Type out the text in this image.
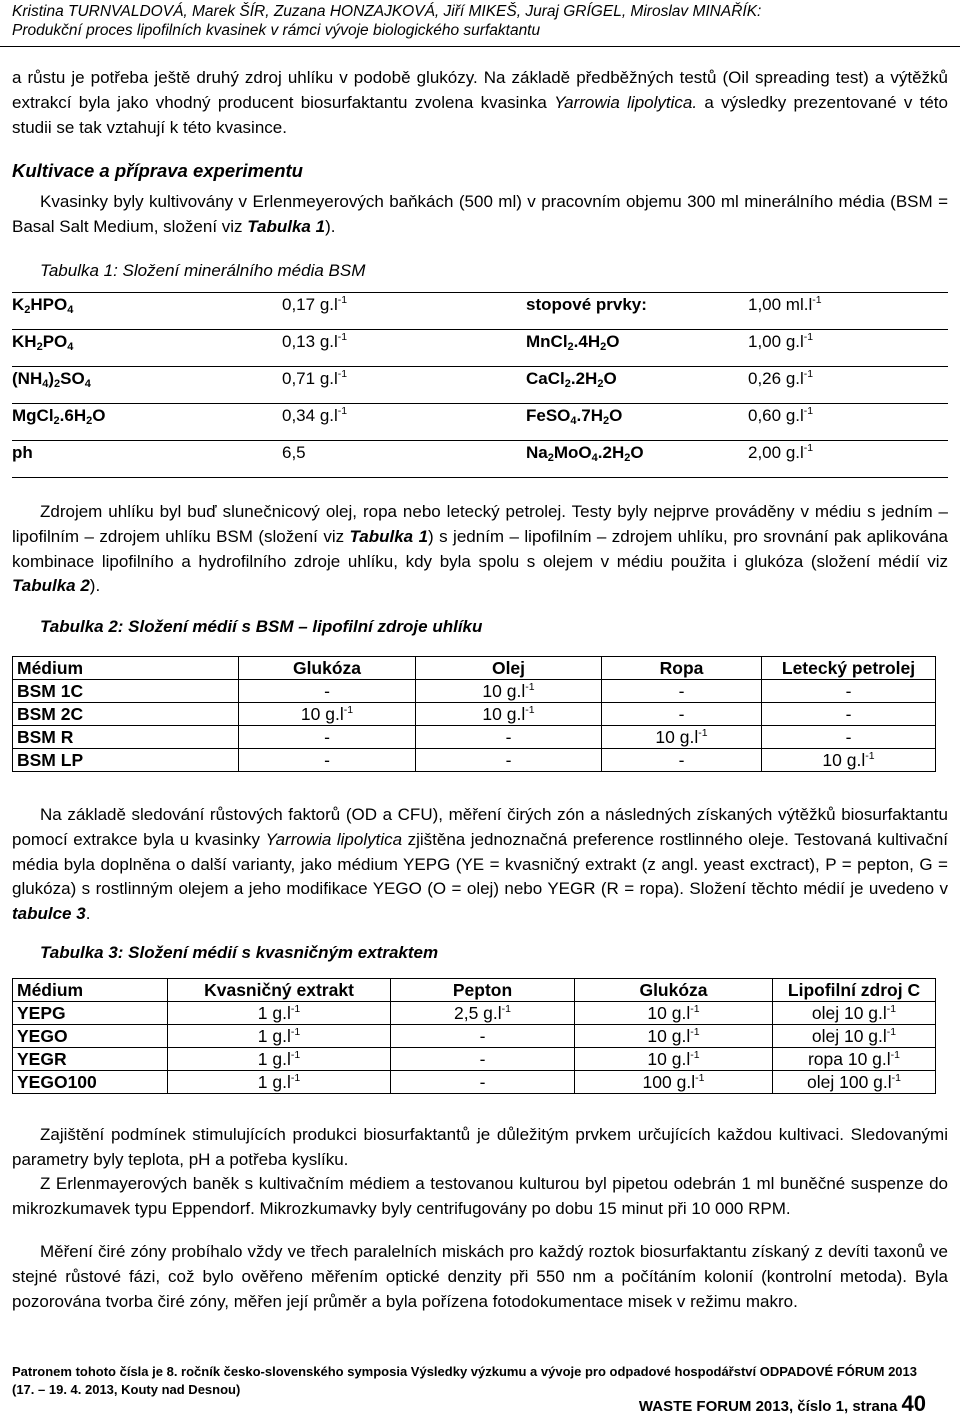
Kristina TURNVALDOVÁ, Marek ŠÍR, Zuzana HONZAJKOVÁ, Jiří MIKEŠ, Juraj GRÍGEL, Miroslav MINAŘÍK:
Produkční proces lipofilních kvasinek v rámci vývoje biologického surfaktantu
a růstu je potřeba ještě druhý zdroj uhlíku v podobě glukózy. Na základě předběžných testů (Oil spreading test) a výtěžků extrakcí byla jako vhodný producent biosurfaktantu zvolena kvasinka Yarrowia lipolytica. a výsledky prezentované v této studii se tak vztahují k této kvasince.
Kultivace a příprava experimentu
Kvasinky byly kultivovány v Erlenmeyerových baňkách (500 ml) v pracovním objemu 300 ml minerálního média (BSM = Basal Salt Medium, složení viz Tabulka 1).
Tabulka 1: Složení minerálního média BSM
$K_2HPO_4$	0,17 $g.l^{-1}$	stopové prvky:	1,00 $ml.l^{-1}$
$KH_2PO_4$	0,13 $g.l^{-1}$	$MnCl_2.4H_2O$	1,00 $g.l^{-1}$
$(NH_4)_2SO_4$	0,71 $g.l^{-1}$	$CaCl_2.2H_2O$	0,26 $g.l^{-1}$
$MgCl_2.6H_2O$	0,34 $g.l^{-1}$	$FeSO_4.7H_2O$	0,60 $g.l^{-1}$
ph	6,5	$Na_2MoO_4.2H_2O$	2,00 $g.l^{-1}$
Zdrojem uhlíku byl buď slunečnicový olej, ropa nebo letecký petrolej. Testy byly nejprve prováděny v médiu s jedním – lipofilním – zdrojem uhlíku BSM (složení viz Tabulka 1) s jedním – lipofilním – zdrojem uhlíku, pro srovnání pak aplikována kombinace lipofilního a hydrofilního zdroje uhlíku, kdy byla spolu s olejem v médiu použita i glukóza (složení médií viz Tabulka 2).
Tabulka 2: Složení médií s BSM – lipofilní zdroje uhlíku
Médium	Glukóza	Olej	Ropa	Letecký petrolej
BSM 1C	-	10 $g.l^{-1}$	-	-
BSM 2C	10 $g.l^{-1}$	10 $g.l^{-1}$	-	-
BSM R	-	-	10 $g.l^{-1}$	-
BSM LP	-	-	-	10 $g.l^{-1}$
Na základě sledování růstových faktorů (OD a CFU), měření čirých zón a následných získaných výtěžků biosurfaktantu pomocí extrakce byla u kvasinky Yarrowia lipolytica zjištěna jednoznačná preference rostlinného oleje. Testovaná kultivační média byla doplněna o další varianty, jako médium YEPG (YE = kvasničný extrakt (z angl. yeast exctract), P = pepton, G = glukóza) s rostlinným olejem a jeho modifikace YEGO (O = olej) nebo YEGR (R = ropa). Složení těchto médií je uvedeno v tabulce 3.
Tabulka 3: Složení médií s kvasničným extraktem
Médium	Kvasničný extrakt	Pepton	Glukóza	Lipofilní zdroj C
YEPG	1 $g.l^{-1}$	2,5 $g.l^{-1}$	10 $g.l^{-1}$	olej 10 $g.l^{-1}$
YEGO	1 $g.l^{-1}$	-	10 $g.l^{-1}$	olej 10 $g.l^{-1}$
YEGR	1 $g.l^{-1}$	-	10 $g.l^{-1}$	ropa 10 $g.l^{-1}$
YEGO100	1 $g.l^{-1}$	-	100 $g.l^{-1}$	olej 100 $g.l^{-1}$
Zajištění podmínek stimulujících produkci biosurfaktantů je důležitým prvkem určujících každou kultivaci. Sledovanými parametry byly teplota, pH a potřeba kyslíku.
Z Erlenmayerových baněk s kultivačním médiem a testovanou kulturou byl pipetou odebrán 1 ml buněčné suspenze do mikrozkumavek typu Eppendorf. Mikrozkumavky byly centrifugovány po dobu 15 minut při 10 000 RPM.
Měření čiré zóny probíhalo vždy ve třech paralelních miskách pro každý roztok biosurfaktantu získaný z devíti taxonů ve stejné růstové fázi, což bylo ověřeno měřením optické denzity při 550 nm a počítáním kolonií (kontrolní metoda). Byla pozorována tvorba čiré zóny, měřen její průměr a byla pořízena fotodokumentace misek v režimu makro.
Patronem tohoto čísla je 8. ročník česko-slovenského symposia Výsledky výzkumu a vývoje pro odpadové hospodářství ODPADOVÉ FÓRUM 2013
(17. – 19. 4. 2013, Kouty nad Desnou)
WASTE FORUM 2013, číslo 1, strana 40
